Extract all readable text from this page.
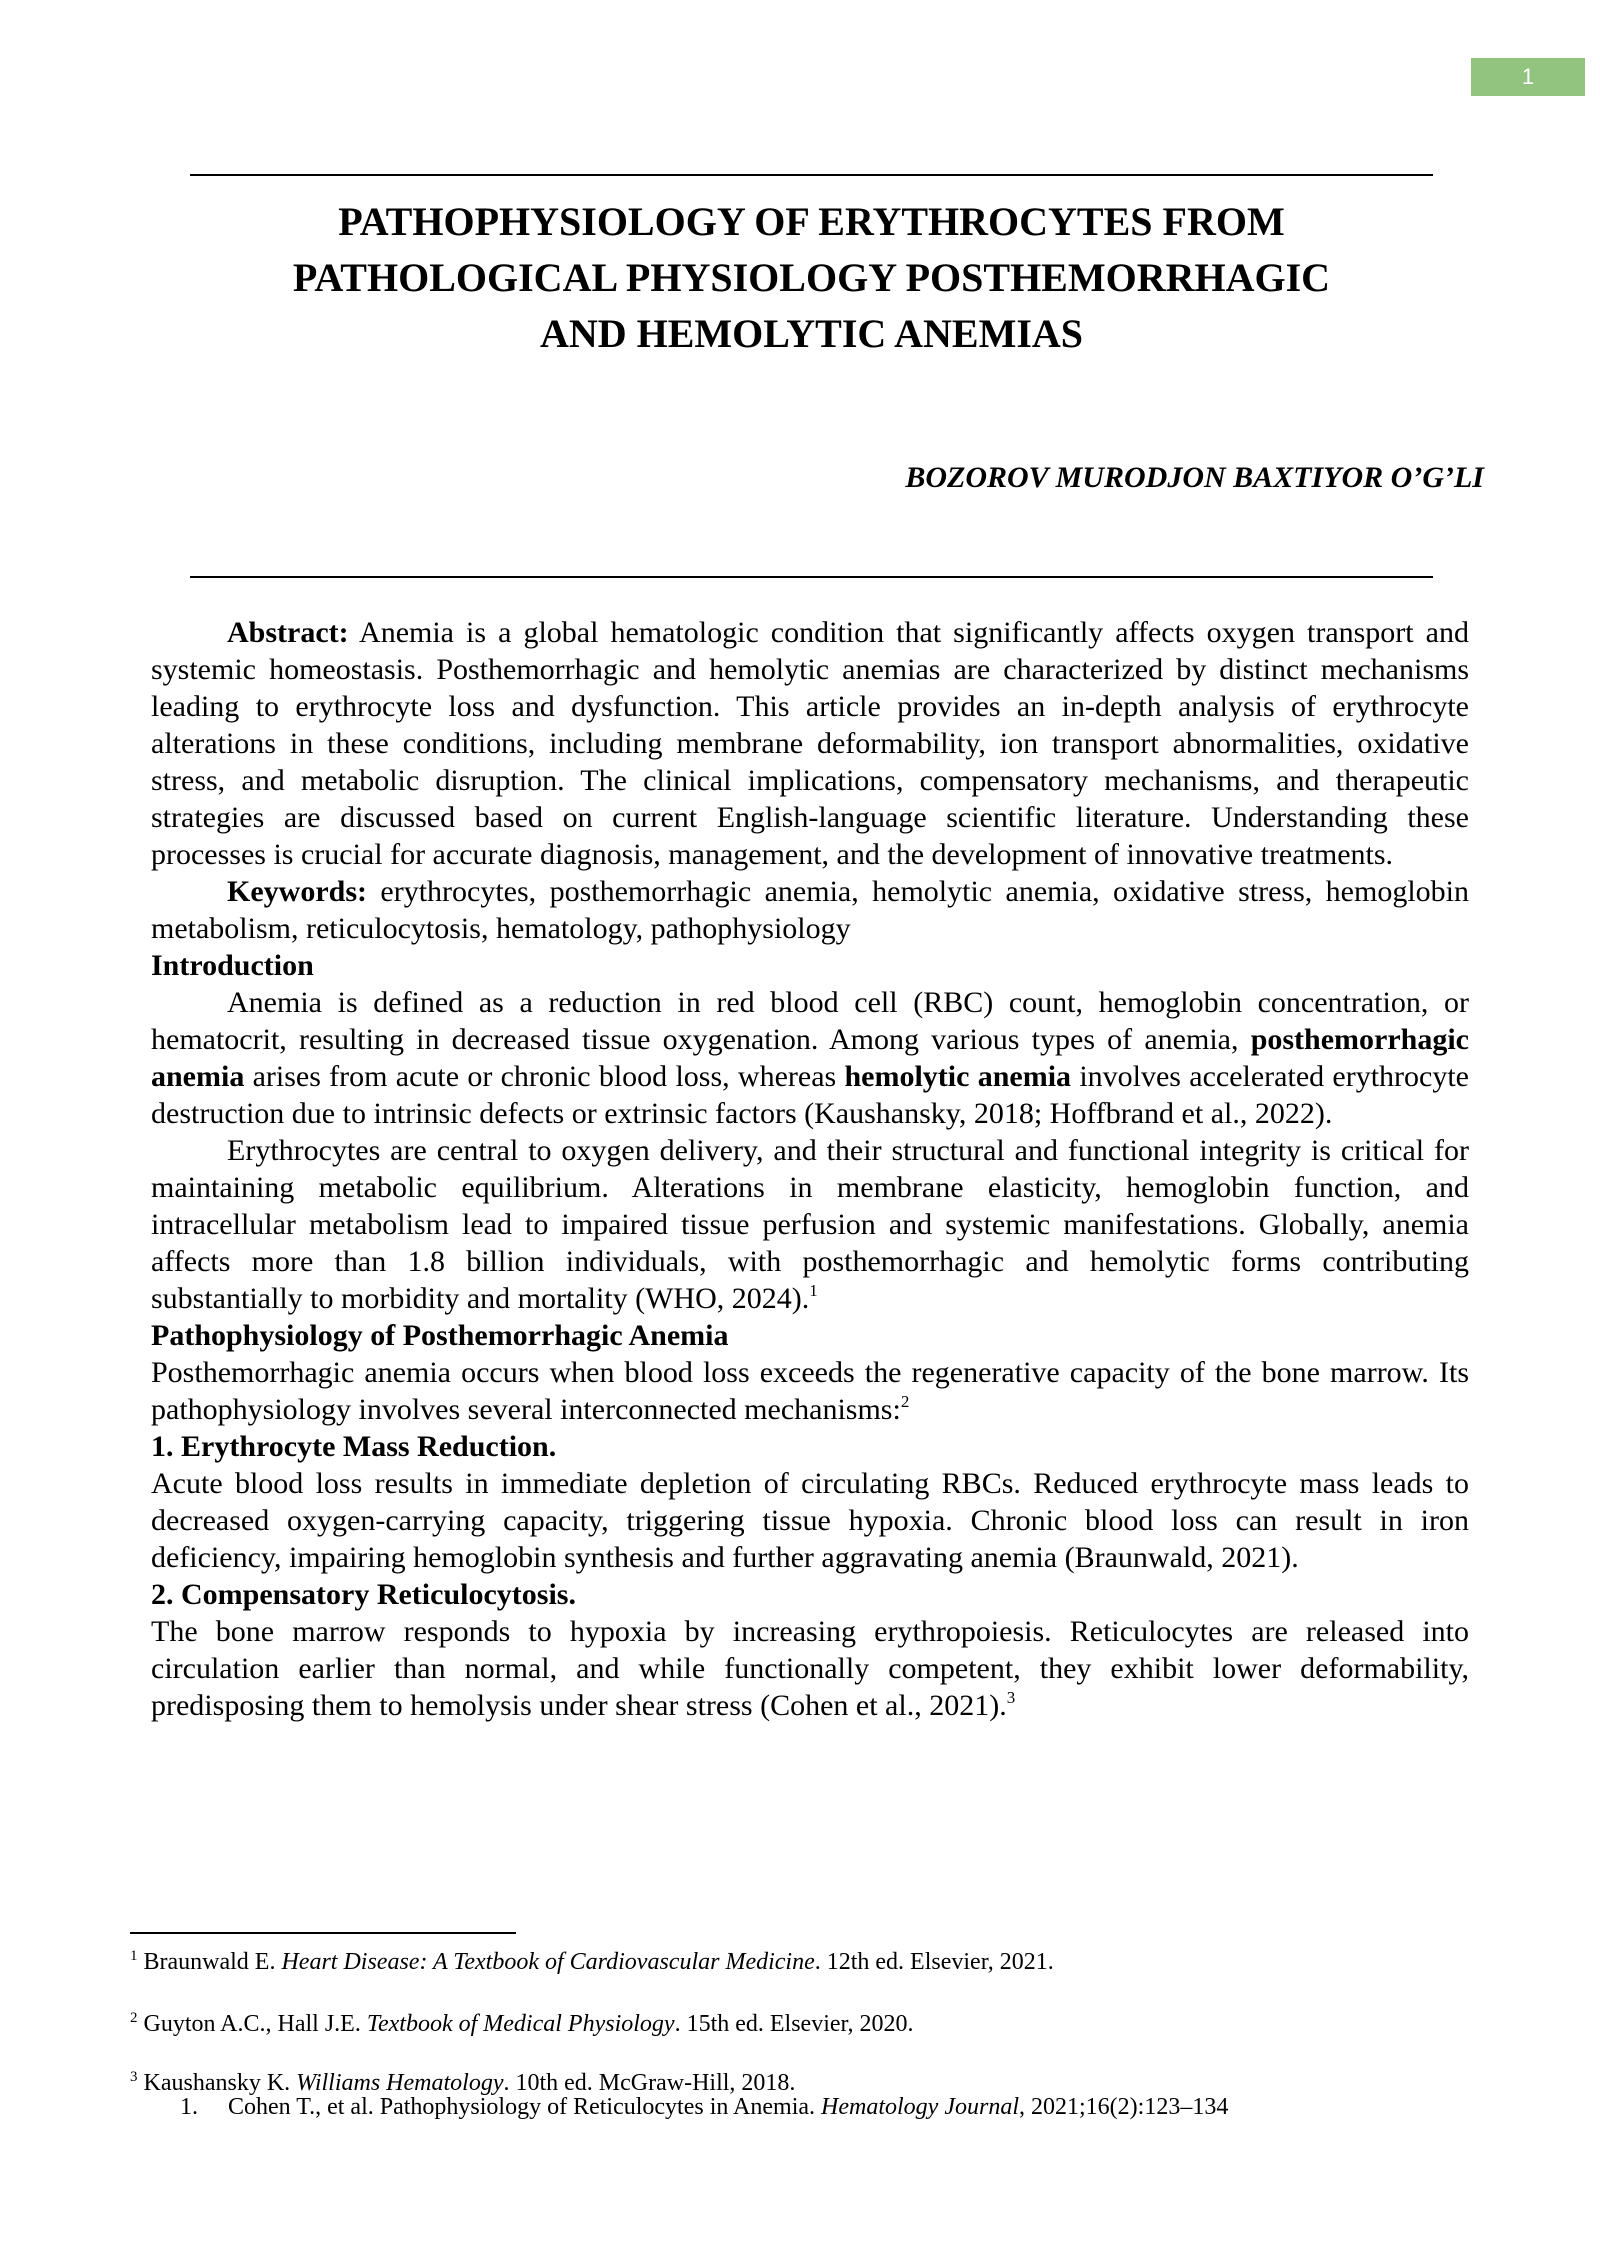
1
PATHOPHYSIOLOGY OF ERYTHROCYTES FROM
PATHOLOGICAL PHYSIOLOGY POSTHEMORRHAGIC
AND HEMOLYTIC ANEMIAS
BOZOROV MURODJON BAXTIYOR O’G’LI

Abstract: Anemia is a global hematologic condition that significantly affects oxygen transport and systemic homeostasis. Posthemorrhagic and hemolytic anemias are characterized by distinct mechanisms leading to erythrocyte loss and dysfunction. This article provides an in-depth analysis of erythrocyte alterations in these conditions, including membrane deformability, ion transport abnormalities, oxidative stress, and metabolic disruption. The clinical implications, compensatory mechanisms, and therapeutic strategies are discussed based on current English-language scientific literature. Understanding these processes is crucial for accurate diagnosis, management, and the development of innovative treatments.

Keywords: erythrocytes, posthemorrhagic anemia, hemolytic anemia, oxidative stress, hemoglobin metabolism, reticulocytosis, hematology, pathophysiology

Introduction

Anemia is defined as a reduction in red blood cell (RBC) count, hemoglobin concentration, or hematocrit, resulting in decreased tissue oxygenation. Among various types of anemia, posthemorrhagic anemia arises from acute or chronic blood loss, whereas hemolytic anemia involves accelerated erythrocyte destruction due to intrinsic defects or extrinsic factors (Kaushansky, 2018; Hoffbrand et al., 2022).

Erythrocytes are central to oxygen delivery, and their structural and functional integrity is critical for maintaining metabolic equilibrium. Alterations in membrane elasticity, hemoglobin function, and intracellular metabolism lead to impaired tissue perfusion and systemic manifestations. Globally, anemia affects more than 1.8 billion individuals, with posthemorrhagic and hemolytic forms contributing substantially to morbidity and mortality (WHO, 2024).$^1$

Pathophysiology of Posthemorrhagic Anemia

Posthemorrhagic anemia occurs when blood loss exceeds the regenerative capacity of the bone marrow. Its pathophysiology involves several interconnected mechanisms:$^2$

1. Erythrocyte Mass Reduction.

Acute blood loss results in immediate depletion of circulating RBCs. Reduced erythrocyte mass leads to decreased oxygen-carrying capacity, triggering tissue hypoxia. Chronic blood loss can result in iron deficiency, impairing hemoglobin synthesis and further aggravating anemia (Braunwald, 2021).

2. Compensatory Reticulocytosis.

The bone marrow responds to hypoxia by increasing erythropoiesis. Reticulocytes are released into circulation earlier than normal, and while functionally competent, they exhibit lower deformability, predisposing them to hemolysis under shear stress (Cohen et al., 2021).$^3$

$^1$ Braunwald E. Heart Disease: A Textbook of Cardiovascular Medicine. 12th ed. Elsevier, 2021.
$^2$ Guyton A.C., Hall J.E. Textbook of Medical Physiology. 15th ed. Elsevier, 2020.
$^3$ Kaushansky K. Williams Hematology. 10th ed. McGraw-Hill, 2018.
1. Cohen T., et al. Pathophysiology of Reticulocytes in Anemia. Hematology Journal, 2021;16(2):123–134
